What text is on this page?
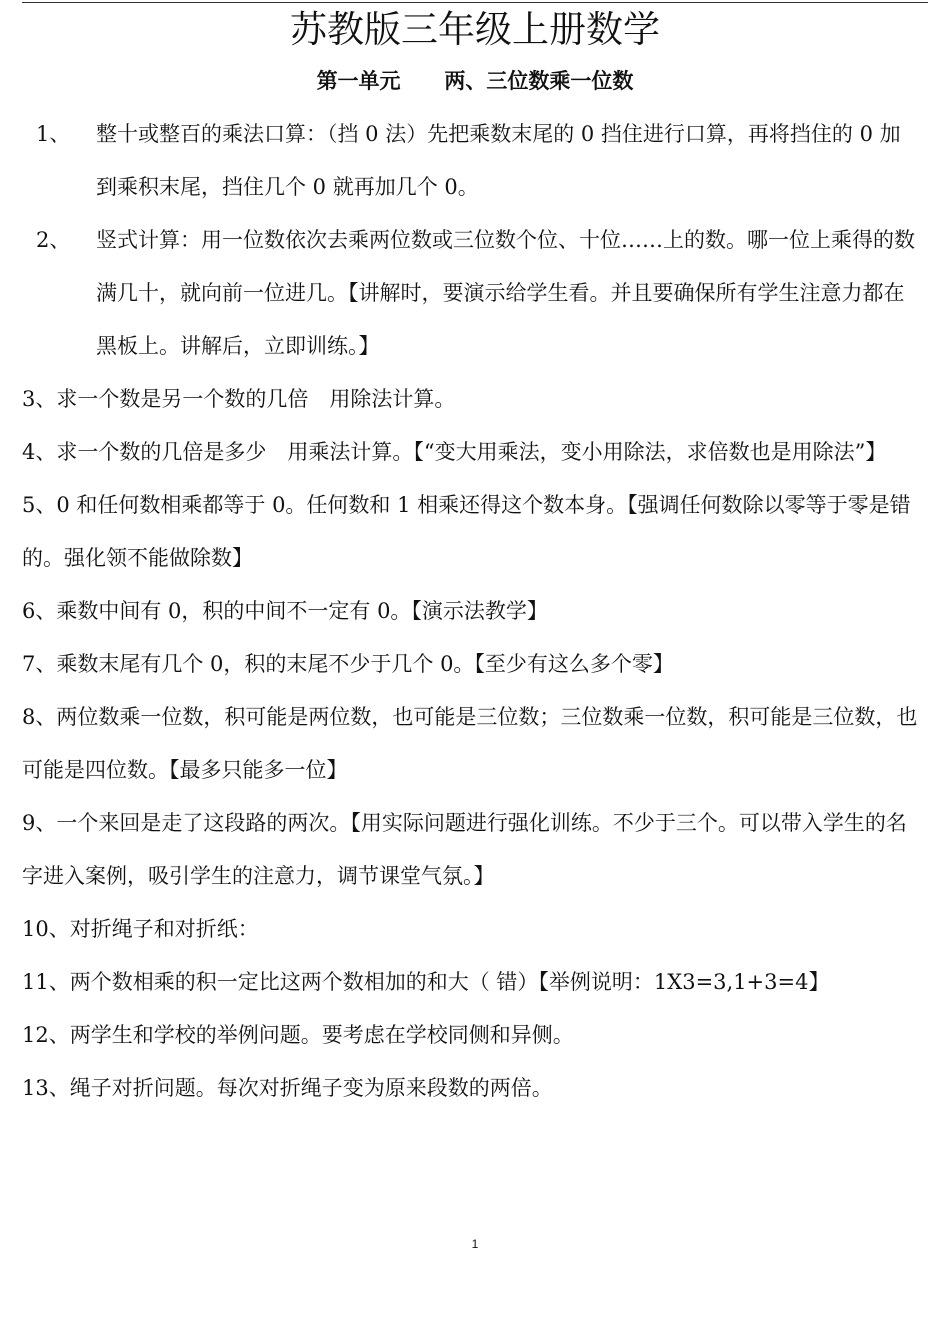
苏教版三年级上册数学
第一单元      两、三位数乘一位数

1、 整十或整百的乘法口算：（挡 0 法）先把乘数末尾的 0 挡住进行口算，再将挡住的 0 加到乘积末尾，挡住几个 0 就再加几个 0。

2、 竖式计算：用一位数依次去乘两位数或三位数个位、十位……上的数。哪一位上乘得的数满几十，就向前一位进几。【讲解时，要演示给学生看。并且要确保所有学生注意力都在黑板上。讲解后，立即训练。】

3、求一个数是另一个数的几倍　用除法计算。

4、求一个数的几倍是多少　用乘法计算。【“变大用乘法，变小用除法，求倍数也是用除法”】

5、0 和任何数相乘都等于 0。任何数和 1 相乘还得这个数本身。【强调任何数除以零等于零是错的。强化领不能做除数】

6、乘数中间有 0，积的中间不一定有 0。【演示法教学】

7、乘数末尾有几个 0，积的末尾不少于几个 0。【至少有这么多个零】

8、两位数乘一位数，积可能是两位数，也可能是三位数；三位数乘一位数，积可能是三位数，也可能是四位数。【最多只能多一位】

9、一个来回是走了这段路的两次。【用实际问题进行强化训练。不少于三个。可以带入学生的名字进入案例，吸引学生的注意力，调节课堂气氛。】

10、对折绳子和对折纸：

11、两个数相乘的积一定比这两个数相加的和大（ 错）【举例说明：1X3=3,1+3=4】

12、两学生和学校的举例问题。要考虑在学校同侧和异侧。

13、绳子对折问题。每次对折绳子变为原来段数的两倍。

1
